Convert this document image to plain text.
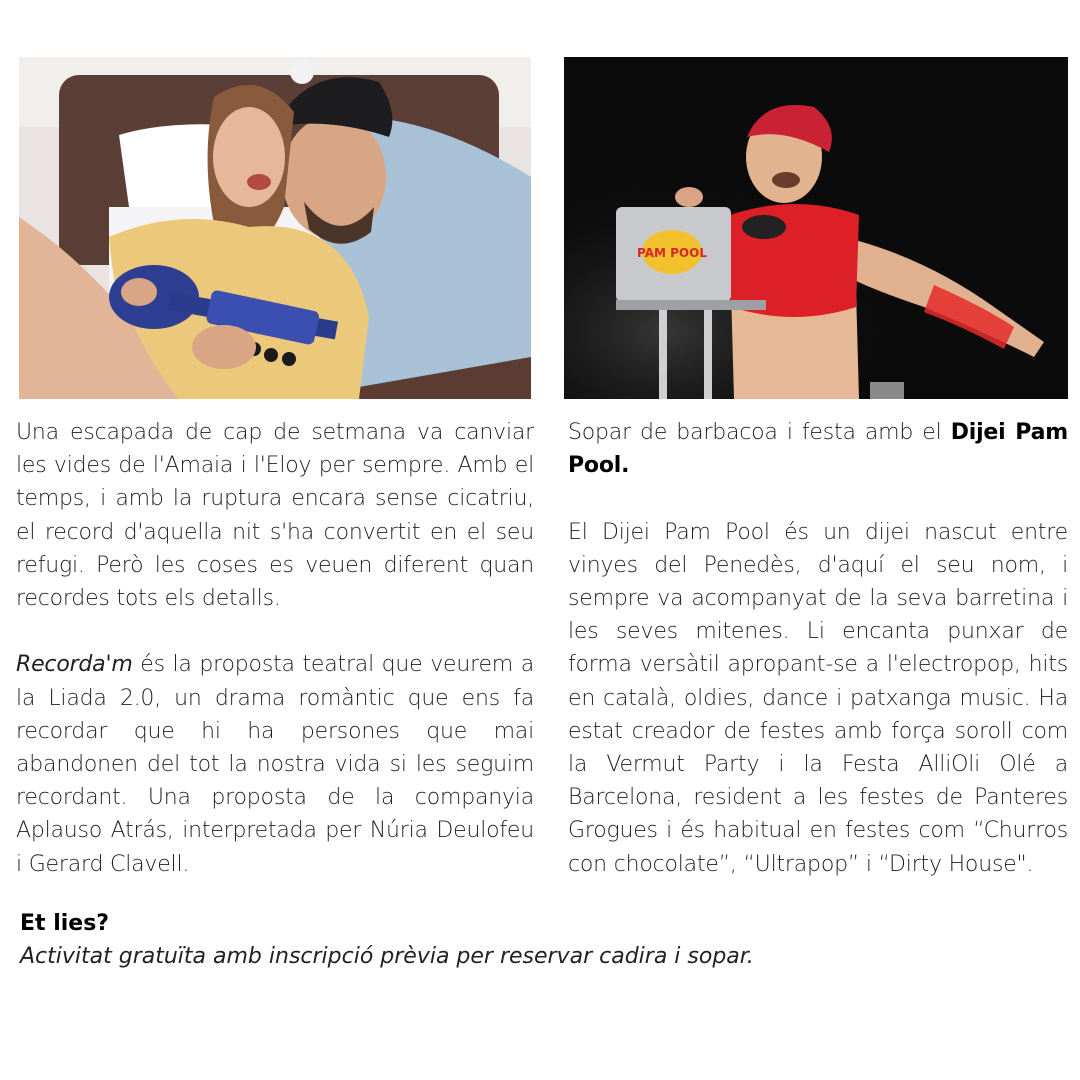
PAM POOL

Una escapada de cap de setmana va canviar les vides de l'Amaia i l'Eloy per sempre. Amb el temps, i amb la ruptura encara sense cicatriu, el record d'aquella nit s'ha convertit en el seu refugi. Però les coses es veuen diferent quan recordes tots els detalls.

Recorda'm és la proposta teatral que veurem a la Liada 2.0, un drama romàntic que ens fa recordar que hi ha persones que mai abandonen del tot la nostra vida si les seguim recordant. Una proposta de la companyia Aplauso Atrás, interpretada per Núria Deulofeu i Gerard Clavell.

Sopar de barbacoa i festa amb el Dijei Pam Pool.

El Dijei Pam Pool és un dijei nascut entre vinyes del Penedès, d'aquí el seu nom, i sempre va acompanyat de la seva barretina i les seves mitenes. Li encanta punxar de forma versàtil apropant-se a l'electropop, hits en català, oldies, dance i patxanga music. Ha estat creador de festes amb força soroll com la Vermut Party i la Festa AlliOli Olé a Barcelona, resident a les festes de Panteres Grogues i és habitual en festes com “Churros con chocolate”, “Ultrapop” i “Dirty House".

Et lies?

Activitat gratuïta amb inscripció prèvia per reservar cadira i sopar.
